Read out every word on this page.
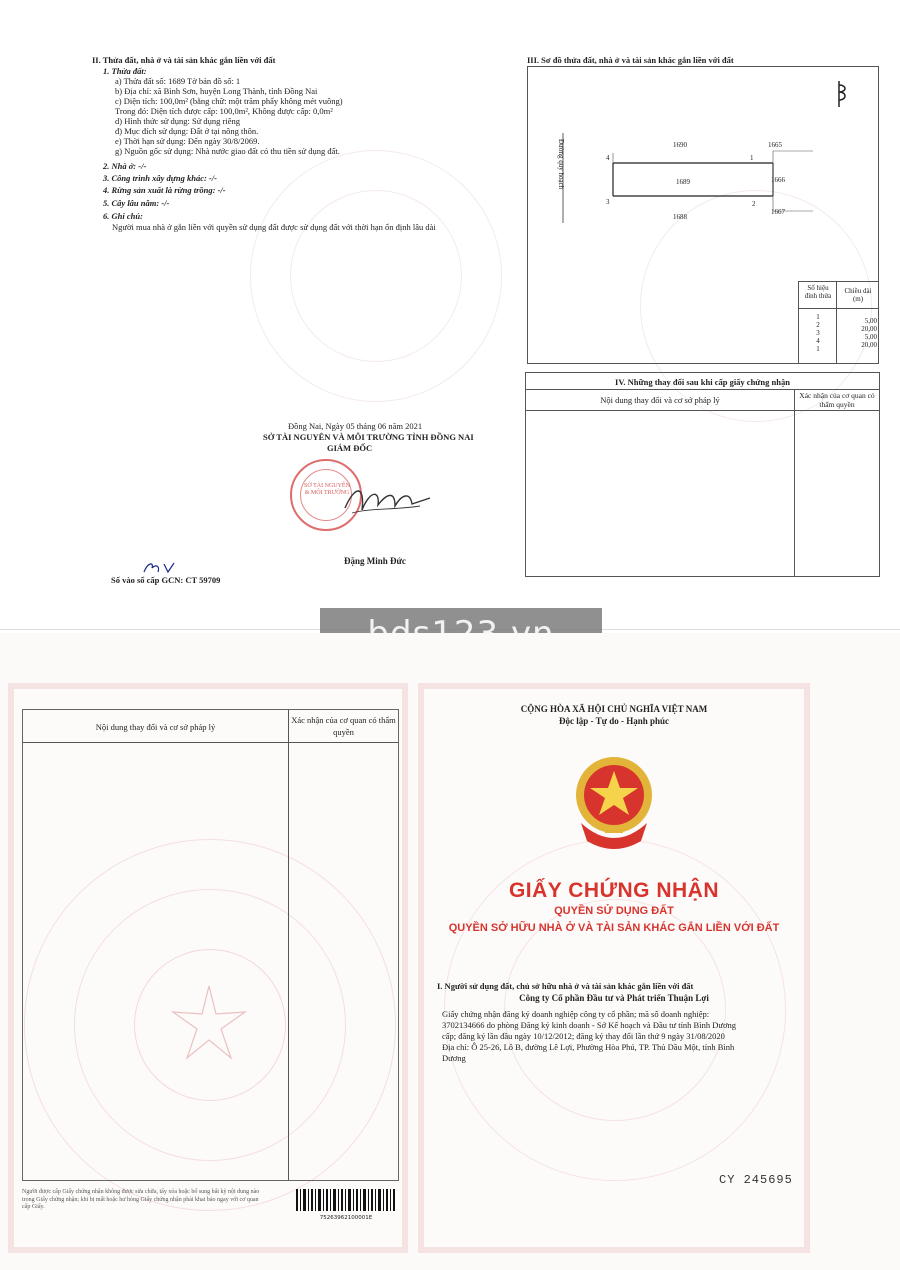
II. Thửa đất, nhà ở và tài sản khác gắn liền với đất
1. Thửa đất:
a) Thửa đất số: 1689 Tờ bản đồ số: 1
b) Địa chỉ: xã Bình Sơn, huyện Long Thành, tỉnh Đồng Nai
c) Diện tích: 100,0m² (bằng chữ: một trăm phẩy không mét vuông)
Trong đó: Diện tích được cấp: 100,0m², Không được cấp: 0,0m²
d) Hình thức sử dụng: Sử dụng riêng
đ) Mục đích sử dụng: Đất ở tại nông thôn.
e) Thời hạn sử dụng: Đến ngày 30/8/2069.
g) Nguồn gốc sử dụng: Nhà nước giao đất có thu tiền sử dụng đất.
2. Nhà ở: -/-
3. Công trình xây dựng khác: -/-
4. Rừng sản xuất là rừng trồng: -/-
5. Cây lâu năm: -/-
6. Ghi chú:
Người mua nhà ở gắn liền với quyền sử dụng đất được sử dụng đất với thời hạn ổn định lâu dài
Đồng Nai, Ngày 05 tháng 06 năm 2021
SỞ TÀI NGUYÊN VÀ MÔI TRƯỜNG TỈNH ĐỒNG NAI
GIÁM ĐỐC
SỞ TÀI NGUYÊN & MÔI TRƯỜNG
Đặng Minh Đức
Số vào sổ cấp GCN: CT 59709
III. Sơ đồ thửa đất, nhà ở và tài sản khác gắn liền với đất
Đường quy hoạch	1690
1689
1688
1665
1666
1667
1
2
3
4
Số hiệu đỉnh thửa
Chiều dài (m)
1
2
3
4
1
5,00
20,00
5,00
20,00
IV. Những thay đổi sau khi cấp giấy chứng nhận
Nội dung thay đổi và cơ sở pháp lý	Xác nhận của cơ quan có thẩm quyền
Nội dung thay đổi và cơ sở pháp lý
Xác nhận của cơ quan có thẩm quyền
Người được cấp Giấy chứng nhận không được sửa chữa, tẩy xóa hoặc bổ sung bất kỳ nội dung nào trong Giấy chứng nhận; khi bị mất hoặc hư hỏng Giấy chứng nhận phải khai báo ngay với cơ quan cấp Giấy.
75263962100001E
CỘNG HÒA XÃ HỘI CHỦ NGHĨA VIỆT NAM
Độc lập - Tự do - Hạnh phúc
GIẤY CHỨNG NHẬN
QUYỀN SỬ DỤNG ĐẤT
QUYỀN SỞ HỮU NHÀ Ở VÀ TÀI SẢN KHÁC GẮN LIỀN VỚI ĐẤT
I. Người sử dụng đất, chủ sở hữu nhà ở và tài sản khác gắn liền với đất
Công ty Cổ phần Đầu tư và Phát triển Thuận Lợi
Giấy chứng nhận đăng ký doanh nghiệp công ty cổ phần; mã số doanh nghiệp:
3702134666 do phòng Đăng ký kinh doanh - Sở Kế hoạch và Đầu tư tỉnh Bình Dương
cấp; đăng ký lần đầu ngày 10/12/2012; đăng ký thay đổi lần thứ 9 ngày 31/08/2020
Địa chỉ: Ô 25-26, Lô B, đường Lê Lợi, Phường Hòa Phú, TP. Thủ Dầu Một, tỉnh Bình
Dương
CY 245695
